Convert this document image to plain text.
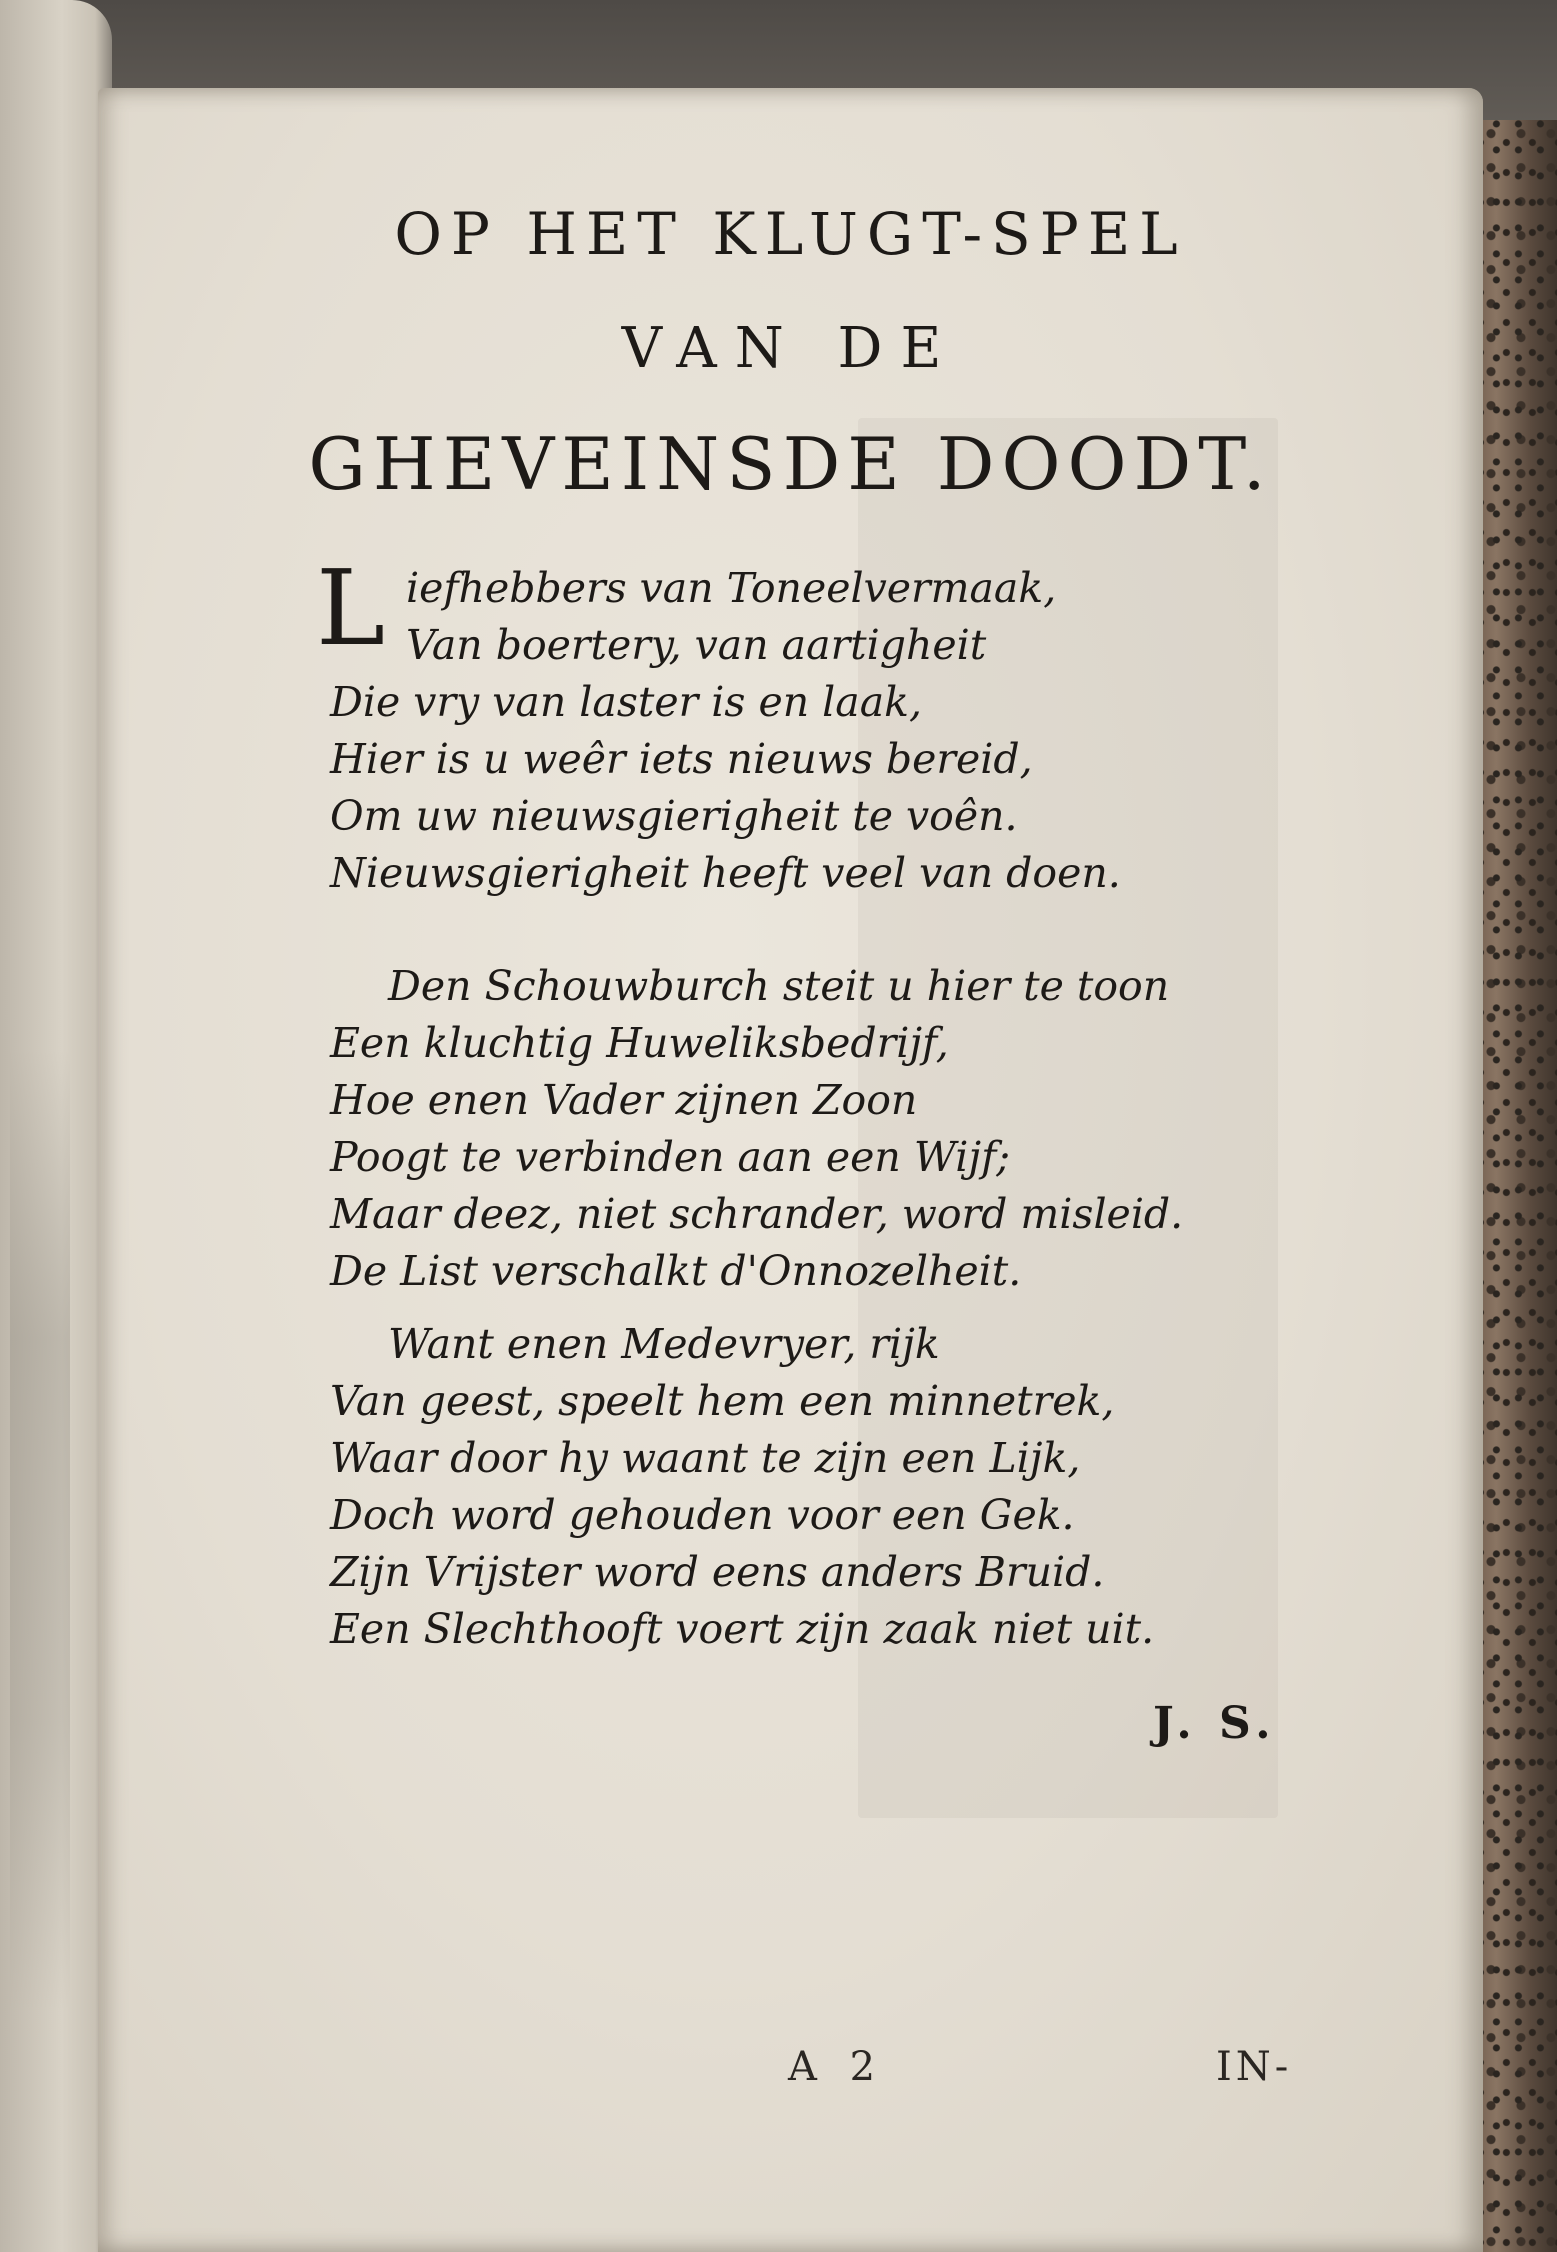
OP HET KLUGT-SPEL
VAN DE
GHEVEINSDE DOODT.
L iefhebbers van Toneelvermaak,
Van boertery, van aartigheit
Die vry van laster is en laak,
Hier is u weêr iets nieuws bereid,
Om uw nieuwsgierigheit te voên.
Nieuwsgierigheit heeft veel van doen.
Den Schouwburch steit u hier te toon
Een kluchtig Huweliksbedrijf,
Hoe enen Vader zijnen Zoon
Poogt te verbinden aan een Wijf;
Maar deez, niet schrander, word misleid.
De List verschalkt d'Onnozelheit.
Want enen Medevryer, rijk
Van geest, speelt hem een minnetrek,
Waar door hy waant te zijn een Lijk,
Doch word gehouden voor een Gek.
Zijn Vrijster word eens anders Bruid.
Een Slechthooft voert zijn zaak niet uit.
J. S.
A 2	IN-
